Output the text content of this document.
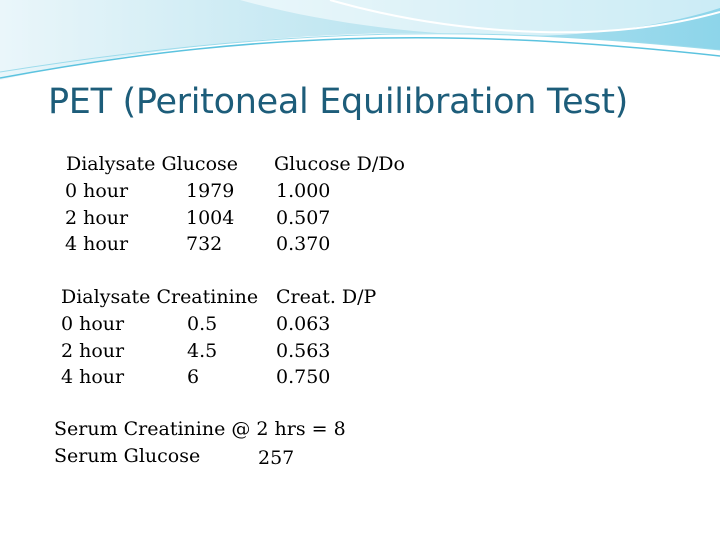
PET (Peritoneal Equilibration Test)
Dialysate Glucose Glucose D/Do
0 hour
2 hour
4 hour
1979
1004
732
1.000
0.507
0.370
Dialysate Creatinine Creat. D/P
0 hour
2 hour
4 hour
0.5
4.5
6
0.063
0.563
0.750
Serum Creatinine @ 2 hrs = 8
Serum Glucose	257
